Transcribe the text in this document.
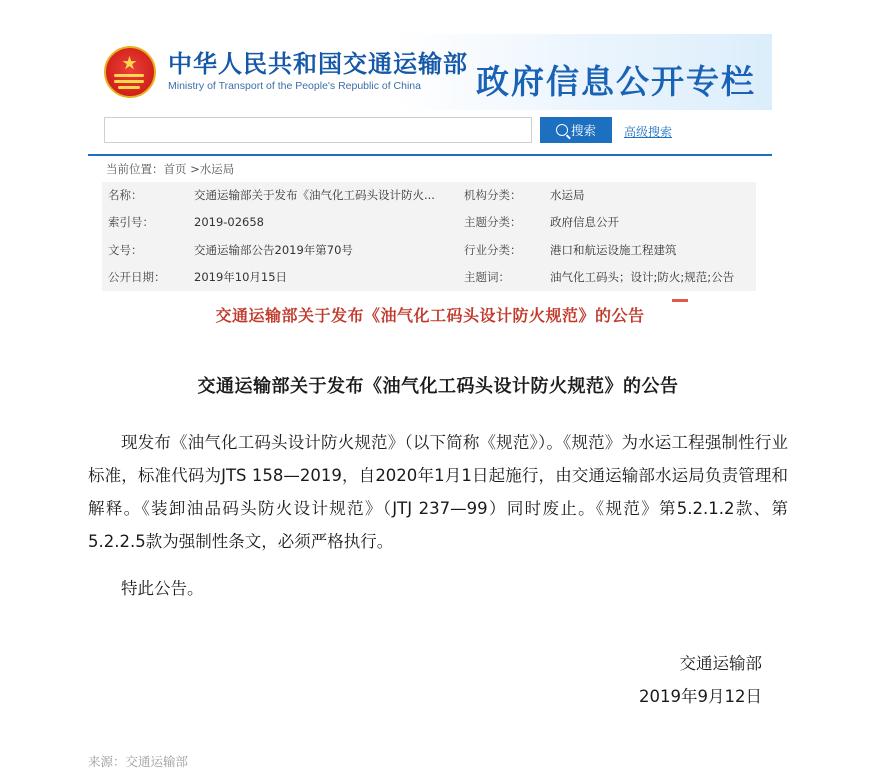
★ 中华人民共和国交通运输部
Ministry of Transport of the People's Republic of China 政府信息公开专栏
搜索 高级搜索
当前位置：首页 >水运局
名称：	交通运输部关于发布《油气化工码头设计防火...	机构分类：	水运局
索引号：	2019-02658	主题分类：	政府信息公开
文号：	交通运输部公告2019年第70号	行业分类：	港口和航运设施工程建筑
公开日期：	2019年10月15日	主题词：	油气化工码头；设计;防火;规范;公告
交通运输部关于发布《油气化工码头设计防火规范》的公告
交通运输部关于发布《油气化工码头设计防火规范》的公告

现发布《油气化工码头设计防火规范》（以下简称《规范》）。《规范》为水运工程强制性行业标准，标准代码为JTS 158—2019，自2020年1月1日起施行，由交通运输部水运局负责管理和解释。《装卸油品码头防火设计规范》（JTJ 237—99）同时废止。《规范》第5.2.1.2款、第5.2.2.5款为强制性条文，必须严格执行。

特此公告。

交通运输部
2019年9月12日
来源：交通运输部
